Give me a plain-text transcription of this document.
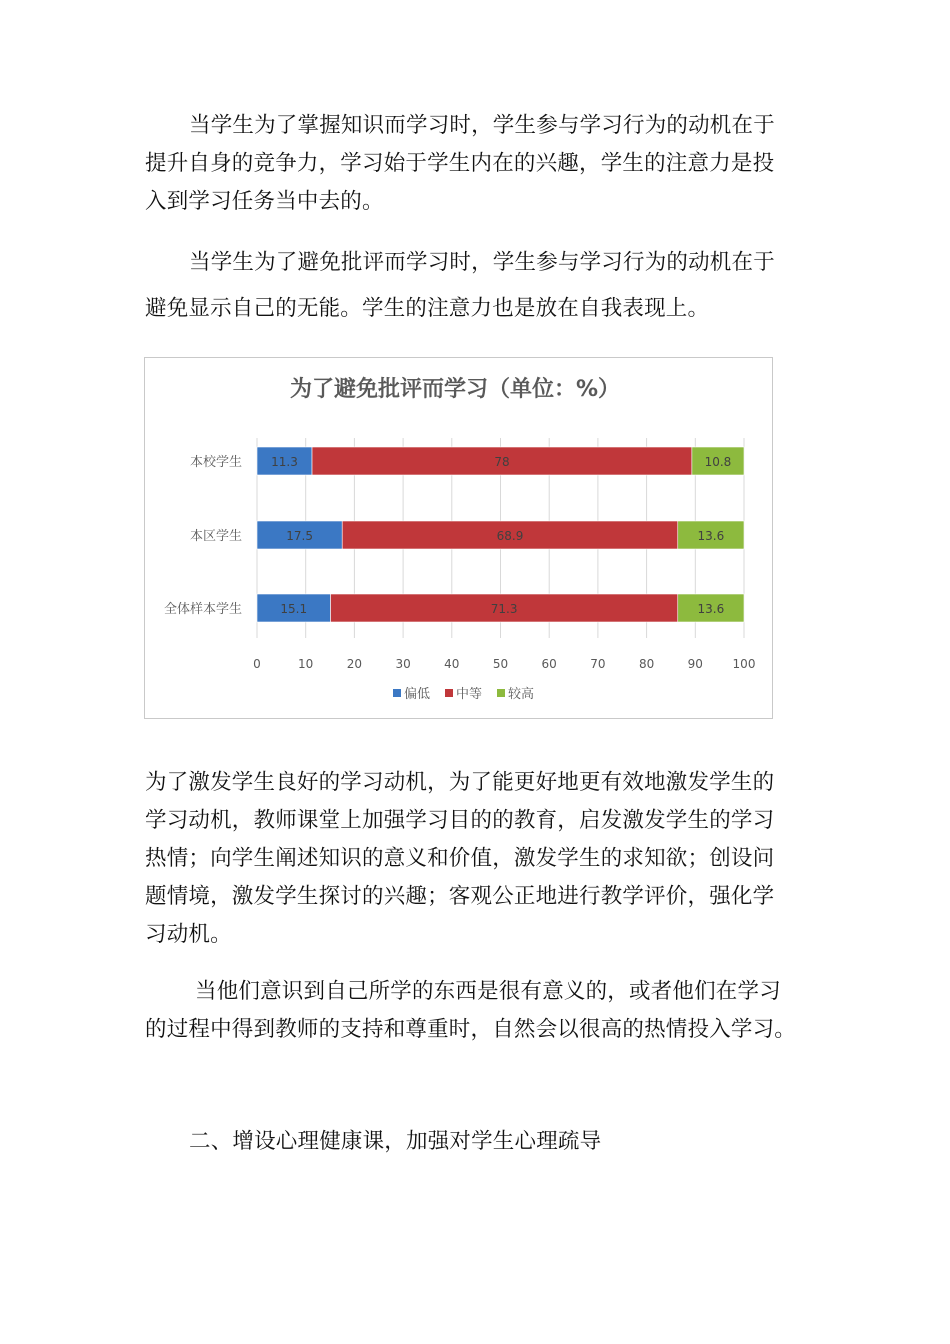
当学生为了掌握知识而学习时，学生参与学习行为的动机在于
提升自身的竞争力，学习始于学生内在的兴趣，学生的注意力是投
入到学习任务当中去的。
当学生为了避免批评而学习时，学生参与学习行为的动机在于
避免显示自己的无能。学生的注意力也是放在自我表现上。
为了避免批评而学习（单位：%）
0	10	20	30	40	50	60	70	80	90 100
本校学生 11.3	78	10.8
本区学生	17.5	68.9	13.6
全体样本学生	15.1	71.3	13.6
偏低 中等 较高
为了激发学生良好的学习动机，为了能更好地更有效地激发学生的
学习动机，教师课堂上加强学习目的的教育，启发激发学生的学习
热情；向学生阐述知识的意义和价值，激发学生的求知欲；创设问
题情境，激发学生探讨的兴趣；客观公正地进行教学评价，强化学
习动机。
当他们意识到自己所学的东西是很有意义的，或者他们在学习
的过程中得到教师的支持和尊重时，自然会以很高的热情投入学习。
二、增设心理健康课，加强对学生心理疏导
